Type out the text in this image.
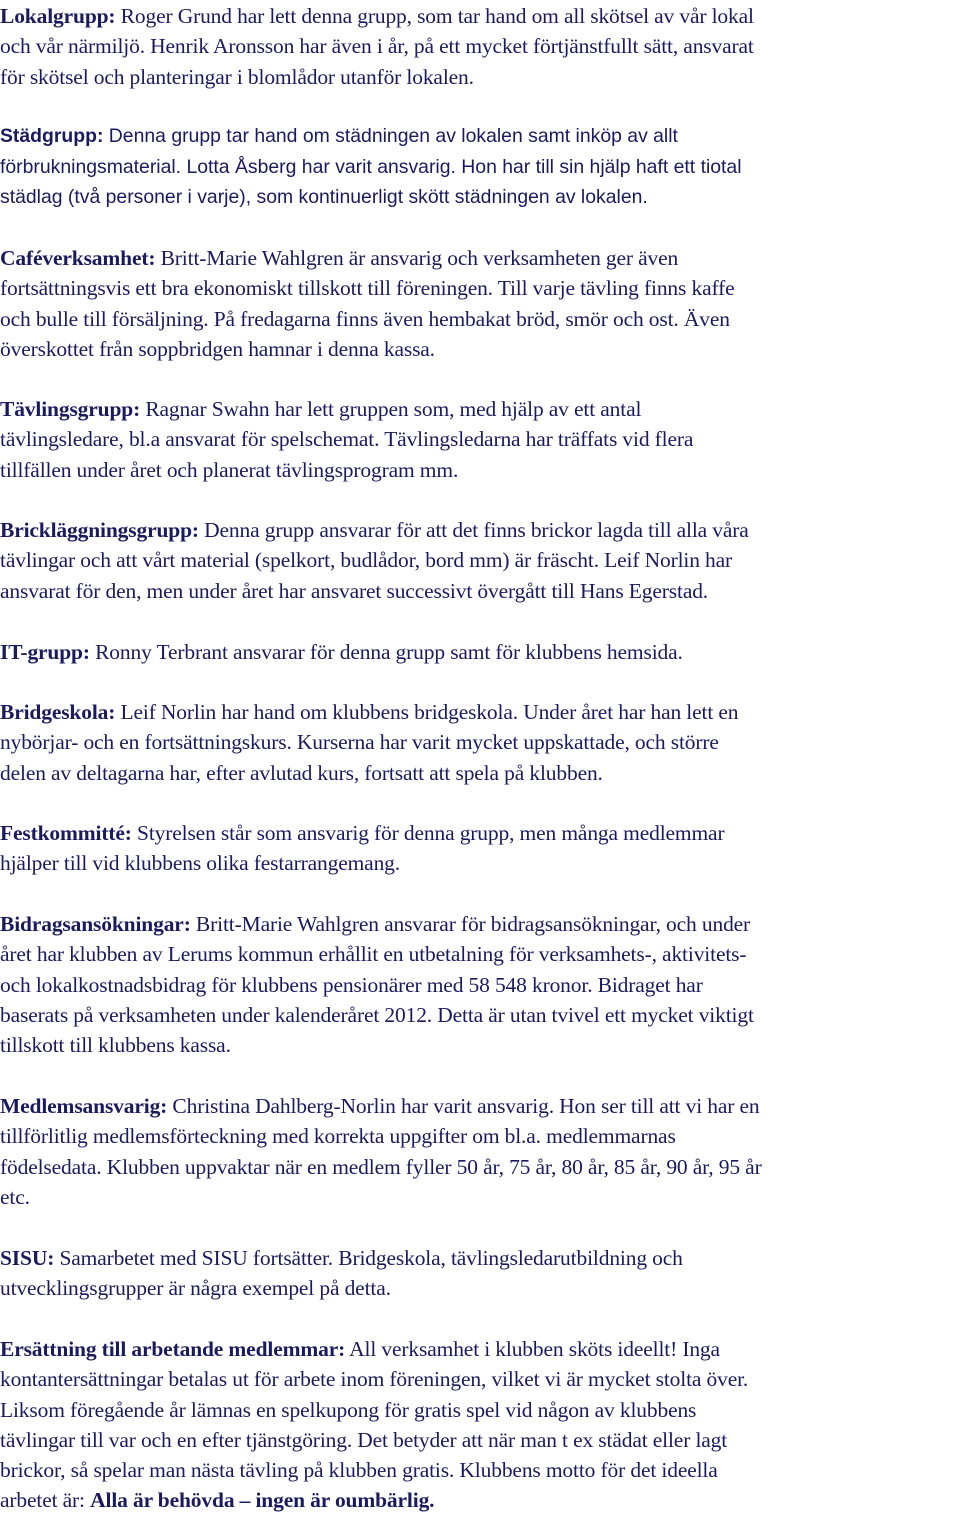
Lokalgrupp: Roger Grund har lett denna grupp, som tar hand om all skötsel av vår lokal
och vår närmiljö. Henrik Aronsson har även i år, på ett mycket förtjänstfullt sätt, ansvarat
för skötsel och planteringar i blomlådor utanför lokalen.

Städgrupp: Denna grupp tar hand om städningen av lokalen samt inköp av allt
förbrukningsmaterial. Lotta Åsberg har varit ansvarig. Hon har till sin hjälp haft ett tiotal
städlag (två personer i varje), som kontinuerligt skött städningen av lokalen.

Caféverksamhet: Britt-Marie Wahlgren är ansvarig och verksamheten ger även
fortsättningsvis ett bra ekonomiskt tillskott till föreningen. Till varje tävling finns kaffe
och bulle till försäljning. På fredagarna finns även hembakat bröd, smör och ost. Även
överskottet från soppbridgen hamnar i denna kassa.

Tävlingsgrupp: Ragnar Swahn har lett gruppen som, med hjälp av ett antal
tävlingsledare, bl.a ansvarat för spelschemat. Tävlingsledarna har träffats vid flera
tillfällen under året och planerat tävlingsprogram mm.

Brickläggningsgrupp: Denna grupp ansvarar för att det finns brickor lagda till alla våra
tävlingar och att vårt material (spelkort, budlådor, bord mm) är fräscht. Leif Norlin har
ansvarat för den, men under året har ansvaret successivt övergått till Hans Egerstad.

IT-grupp: Ronny Terbrant ansvarar för denna grupp samt för klubbens hemsida.

Bridgeskola: Leif Norlin har hand om klubbens bridgeskola. Under året har han lett en
nybörjar- och en fortsättningskurs. Kurserna har varit mycket uppskattade, och större
delen av deltagarna har, efter avlutad kurs, fortsatt att spela på klubben.

Festkommitté: Styrelsen står som ansvarig för denna grupp, men många medlemmar
hjälper till vid klubbens olika festarrangemang.

Bidragsansökningar: Britt-Marie Wahlgren ansvarar för bidragsansökningar, och under
året har klubben av Lerums kommun erhållit en utbetalning för verksamhets-, aktivitets-
och lokalkostnadsbidrag för klubbens pensionärer med 58 548 kronor. Bidraget har
baserats på verksamheten under kalenderåret 2012. Detta är utan tvivel ett mycket viktigt
tillskott till klubbens kassa.

Medlemsansvarig: Christina Dahlberg-Norlin har varit ansvarig. Hon ser till att vi har en
tillförlitlig medlemsförteckning med korrekta uppgifter om bl.a. medlemmarnas
födelsedata. Klubben uppvaktar när en medlem fyller 50 år, 75 år, 80 år, 85 år, 90 år, 95 år
etc.

SISU: Samarbetet med SISU fortsätter. Bridgeskola, tävlingsledarutbildning och
utvecklingsgrupper är några exempel på detta.

Ersättning till arbetande medlemmar: All verksamhet i klubben sköts ideellt! Inga
kontantersättningar betalas ut för arbete inom föreningen, vilket vi är mycket stolta över.
Liksom föregående år lämnas en spelkupong för gratis spel vid någon av klubbens
tävlingar till var och en efter tjänstgöring. Det betyder att när man t ex städat eller lagt
brickor, så spelar man nästa tävling på klubben gratis. Klubbens motto för det ideella
arbetet är: Alla är behövda – ingen är oumbärlig.
